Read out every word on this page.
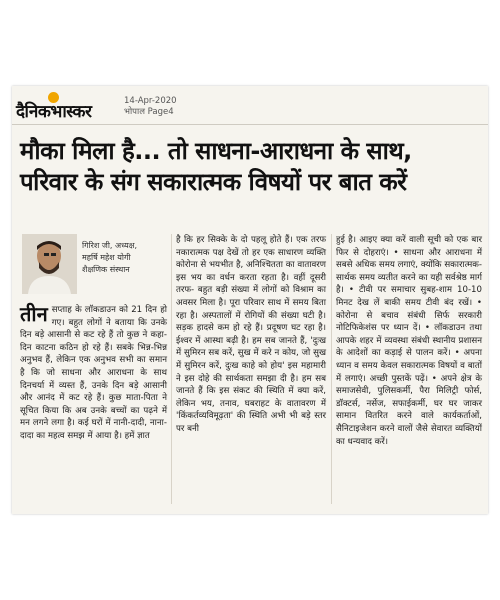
दैनिकभास्कर
14-Apr-2020
भोपाल Page4
मौका मिला है... तो साधना-आराधना के साथ,
परिवार के संग सकारात्मक विषयों पर बात करें
गिरिश जी, अध्यक्ष,
महर्षि महेश योगी
शैक्षणिक संस्थान
तीन सप्ताह के लॉकडाउन को 21 दिन हो गए। बहुत लोगों ने बताया कि उनके दिन बड़े आसानी से कट रहे हैं तो कुछ ने कहा- दिन काटना कठिन हो रहे हैं। सबके भिन्न-भिन्न अनुभव हैं, लेकिन एक अनुभव सभी का समान है कि जो साधना और आराधना के साथ दिनचर्या में व्यस्त हैं, उनके दिन बड़े आसानी और आनंद में कट रहे हैं। कुछ माता-पिता ने सूचित किया कि अब उनके बच्चों का पढ़ने में मन लगने लगा है। कई घरों में नानी-दादी, नाना-दादा का महत्व समझ में आया है। हमें ज्ञात
है कि हर सिक्के के दो पहलू होते हैं। एक तरफ नकारात्मक पक्ष देखें तो हर एक साधारण व्यक्ति कोरोना से भयभीत है, अनिश्चितता का वातावरण इस भय का वर्धन करता रहता है। वहीं दूसरी तरफ- बहुत बड़ी संख्या में लोगों को विश्राम का अवसर मिला है। पूरा परिवार साथ में समय बिता रहा है। अस्पतालों में रोगियों की संख्या घटी है। सड़क हादसे कम हो रहे हैं। प्रदूषण घट रहा है। ईश्वर में आस्था बढ़ी है। हम सब जानते हैं, 'दुःख में सुमिरन सब करें, सुख में करे न कोय, जो सुख में सुमिरन करें, दुःख काहे को होय' इस महामारी ने इस दोहे की सार्थकता समझा दी है। हम सब जानते हैं कि इस संकट की स्थिति में क्या करें, लेकिन भय, तनाव, घबराहट के वातावरण में 'किंकर्तव्यविमूढ़ता' की स्थिति अभी भी बड़े स्तर पर बनी
हुई है। आइए क्या करें वाली सूची को एक बार फिर से दोहराएं। • साधना और आराधना में सबसे अधिक समय लगाएं, क्योंकि सकारात्मक-सार्थक समय व्यतीत करने का यही सर्वश्रेष्ठ मार्ग है। • टीवी पर समाचार सुबह-शाम 10-10 मिनट देख लें बाकी समय टीवी बंद रखें। • कोरोना से बचाव संबंधी सिर्फ सरकारी नोटिफिकेशंस पर ध्यान दें। • लॉकडाउन तथा आपके शहर में व्यवस्था संबंधी स्थानीय प्रशासन के आदेशों का कड़ाई से पालन करें। • अपना ध्यान व समय केवल सकारात्मक विषयों व बातों में लगाएं। अच्छी पुस्तकें पढ़ें। • अपने क्षेत्र के समाजसेवी, पुलिसकर्मी, पैरा मिलिट्री फोर्स, डॉक्टर्स, नर्सेज, सफाईकर्मी, घर घर जाकर सामान वितरित करने वाले कार्यकर्ताओं, सैनिटाइजेशन करने वालों जैसे सेवारत व्यक्तियों का धन्यवाद करें।
